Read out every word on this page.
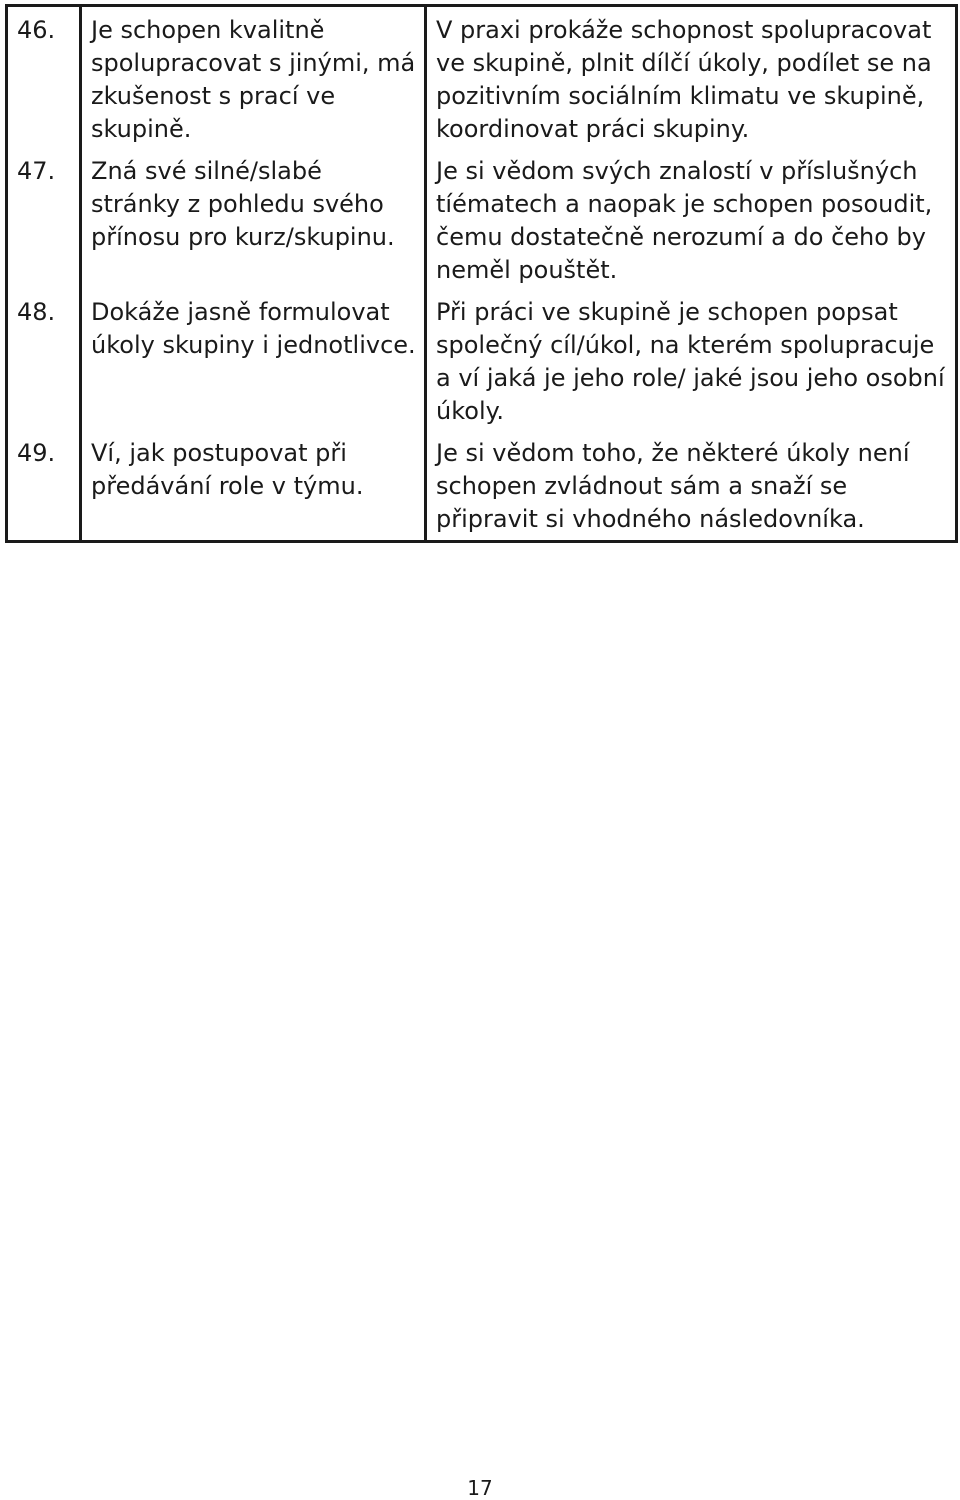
46.	Je schopen kvalitně spolupracovat s jinými, má zkušenost s prací ve skupině.	V praxi prokáže schopnost spolupracovat ve skupině, plnit dílčí úkoly, podílet se na pozitivním sociálním klimatu ve skupině, koordinovat práci skupiny.
47.	Zná své silné/slabé stránky z pohledu svého přínosu pro kurz/skupinu.	Je si vědom svých znalostí v příslušných tíématech a naopak je schopen posoudit, čemu dostatečně nerozumí a do čeho by neměl pouštět.
48.	Dokáže jasně formulovat úkoly skupiny i jednotlivce.	Při práci ve skupině je schopen popsat společný cíl/úkol, na kterém spolupracuje a ví jaká je jeho role/ jaké jsou jeho osobní úkoly.
49.	Ví, jak postupovat při předávání role v týmu.	Je si vědom toho, že některé úkoly není schopen zvládnout sám a snaží se připravit si vhodného následovníka.
17
